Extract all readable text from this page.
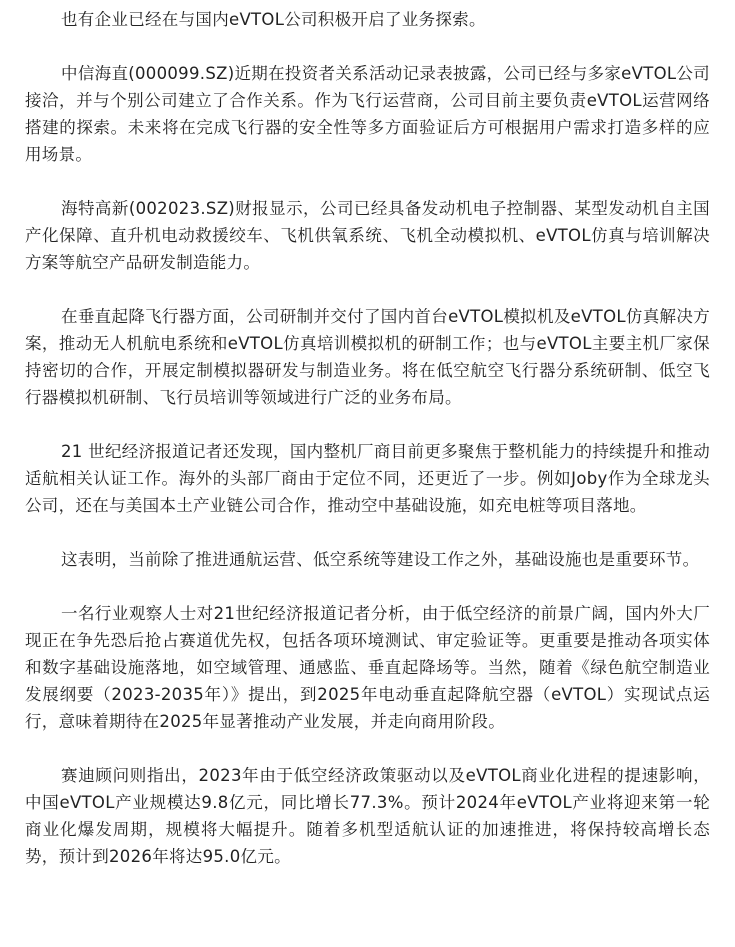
也有企业已经在与国内eVTOL公司积极开启了业务探索。

中信海直(000099.SZ)近期在投资者关系活动记录表披露，公司已经与多家eVTOL公司接洽，并与个别公司建立了合作关系。作为飞行运营商，公司目前主要负责eVTOL运营网络搭建的探索。未来将在完成飞行器的安全性等多方面验证后方可根据用户需求打造多样的应用场景。

海特高新(002023.SZ)财报显示，公司已经具备发动机电子控制器、某型发动机自主国产化保障、直升机电动救援绞车、飞机供氧系统、飞机全动模拟机、eVTOL仿真与培训解决方案等航空产品研发制造能力。

在垂直起降飞行器方面，公司研制并交付了国内首台eVTOL模拟机及eVTOL仿真解决方案，推动无人机航电系统和eVTOL仿真培训模拟机的研制工作；也与eVTOL主要主机厂家保持密切的合作，开展定制模拟器研发与制造业务。将在低空航空飞行器分系统研制、低空飞行器模拟机研制、飞行员培训等领域进行广泛的业务布局。

21 世纪经济报道记者还发现，国内整机厂商目前更多聚焦于整机能力的持续提升和推动适航相关认证工作。海外的头部厂商由于定位不同，还更近了一步。例如Joby作为全球龙头公司，还在与美国本土产业链公司合作，推动空中基础设施，如充电桩等项目落地。

这表明，当前除了推进通航运营、低空系统等建设工作之外，基础设施也是重要环节。

一名行业观察人士对21世纪经济报道记者分析，由于低空经济的前景广阔，国内外大厂现正在争先恐后抢占赛道优先权，包括各项环境测试、审定验证等。更重要是推动各项实体和数字基础设施落地，如空域管理、通感监、垂直起降场等。当然，随着《绿色航空制造业发展纲要（2023-2035年）》提出，到2025年电动垂直起降航空器（eVTOL）实现试点运行，意味着期待在2025年显著推动产业发展，并走向商用阶段。

赛迪顾问则指出，2023年由于低空经济政策驱动以及eVTOL商业化进程的提速影响，中国eVTOL产业规模达9.8亿元，同比增长77.3%。预计2024年eVTOL产业将迎来第一轮商业化爆发周期，规模将大幅提升。随着多机型适航认证的加速推进，将保持较高增长态势，预计到2026年将达95.0亿元。
